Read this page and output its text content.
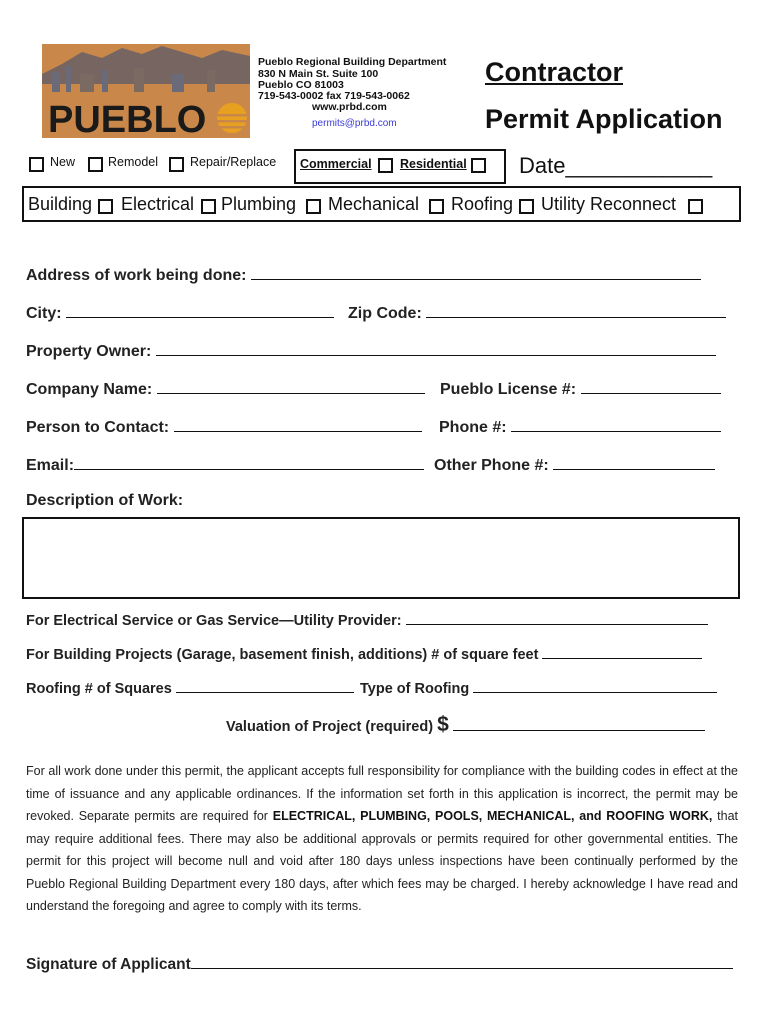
PUEBLO
Pueblo Regional Building Department
830 N Main St. Suite 100
Pueblo CO 81003
719-543-0002 fax 719-543-0062
www.prbd.com
permits@prbd.com
Contractor
Permit Application
New	Remodel	Repair/Replace Commercial Residential Date____________
Building Electrical Plumbing Mechanical Roofing Utility Reconnect
Address of work being done:
City:	Zip Code:
Property Owner:
Company Name:	Pueblo License #:
Person to Contact:	Phone #:
Email:	Other Phone #:
Description of Work:
For Electrical Service or Gas Service—Utility Provider:
For Building Projects (Garage, basement finish, additions) # of square feet
Roofing # of Squares	Type of Roofing
Valuation of Project (required) $
For all work done under this permit, the applicant accepts full responsibility for compliance with the building codes in effect at the time of issuance and any applicable ordinances. If the information set forth in this application is incorrect, the permit may be revoked. Separate permits are required for ELECTRICAL, PLUMBING, POOLS, MECHANICAL, and ROOFING WORK, that may require additional fees. There may also be additional approvals or permits required for other governmental entities. The permit for this project will become null and void after 180 days unless inspections have been continually performed by the Pueblo Regional Building Department every 180 days, after which fees may be charged. I hereby acknowledge I have read and understand the foregoing and agree to comply with its terms.
Signature of Applicant
